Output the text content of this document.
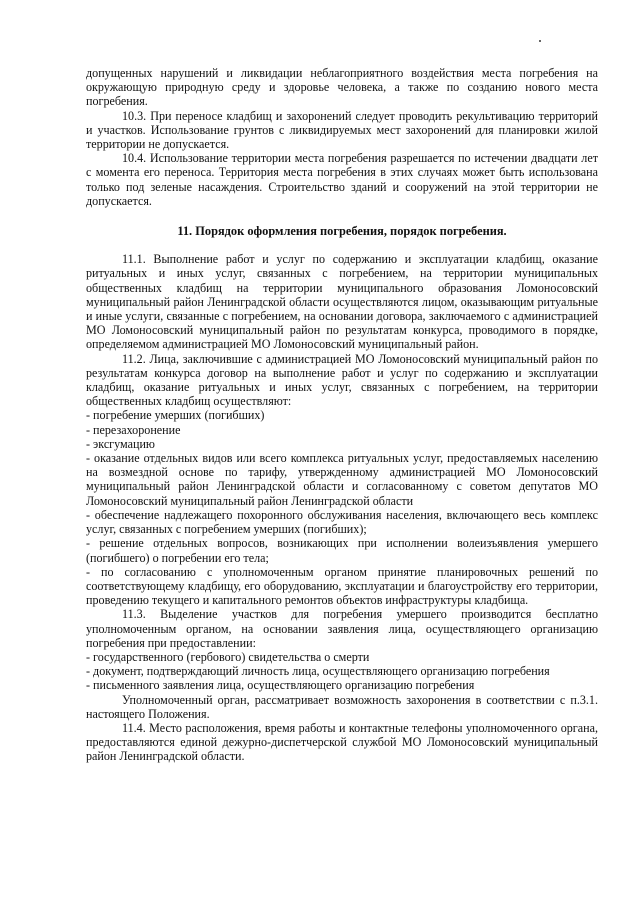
допущенных нарушений и ликвидации неблагоприятного воздействия места погребения на окружающую природную среду и здоровье человека, а также по созданию нового места погребения.

10.3. При переносе кладбищ и захоронений следует проводить рекультивацию территорий и участков. Использование грунтов с ликвидируемых мест захоронений для планировки жилой территории не допускается.

10.4. Использование территории места погребения разрешается по истечении двадцати лет с момента его переноса. Территория места погребения в этих случаях может быть использована только под зеленые насаждения. Строительство зданий и сооружений на этой территории не допускается.

11. Порядок оформления погребения, порядок погребения.

11.1. Выполнение работ и услуг по содержанию и эксплуатации кладбищ, оказание ритуальных и иных услуг, связанных с погребением, на территории муниципальных общественных кладбищ на территории муниципального образования Ломоносовский муниципальный район Ленинградской области осуществляются лицом, оказывающим ритуальные и иные услуги, связанные с погребением, на основании договора, заключаемого с администрацией МО Ломоносовский муниципальный район по результатам конкурса, проводимого в порядке, определяемом администрацией МО Ломоносовский муниципальный район.

11.2. Лица, заключившие с администрацией МО Ломоносовский муниципальный район по результатам конкурса договор на выполнение работ и услуг по содержанию и эксплуатации кладбищ, оказание ритуальных и иных услуг, связанных с погребением, на территории общественных кладбищ осуществляют:

- погребение умерших (погибших)

- перезахоронение

- эксгумацию

- оказание отдельных видов или всего комплекса ритуальных услуг, предоставляемых населению на возмездной основе по тарифу, утвержденному администрацией МО Ломоносовский муниципальный район Ленинградской области и согласованному с советом депутатов МО Ломоносовский муниципальный район Ленинградской области

- обеспечение надлежащего похоронного обслуживания населения, включающего весь комплекс услуг, связанных с погребением умерших (погибших);

- решение отдельных вопросов, возникающих при исполнении волеизъявления умершего (погибшего) о погребении его тела;

- по согласованию с уполномоченным органом принятие планировочных решений по соответствующему кладбищу, его оборудованию, эксплуатации и благоустройству его территории, проведению текущего и капитального ремонтов объектов инфраструктуры кладбища.

11.3. Выделение участков для погребения умершего производится бесплатно уполномоченным органом, на основании заявления лица, осуществляющего организацию погребения при предоставлении:

- государственного (гербового) свидетельства о смерти

- документ, подтверждающий личность лица, осуществляющего организацию погребения

- письменного заявления лица, осуществляющего организацию погребения

Уполномоченный орган, рассматривает возможность захоронения в соответствии с п.3.1. настоящего Положения.

11.4. Место расположения, время работы и контактные телефоны уполномоченного органа, предоставляются единой дежурно-диспетчерской службой МО Ломоносовский муниципальный район Ленинградской области.
